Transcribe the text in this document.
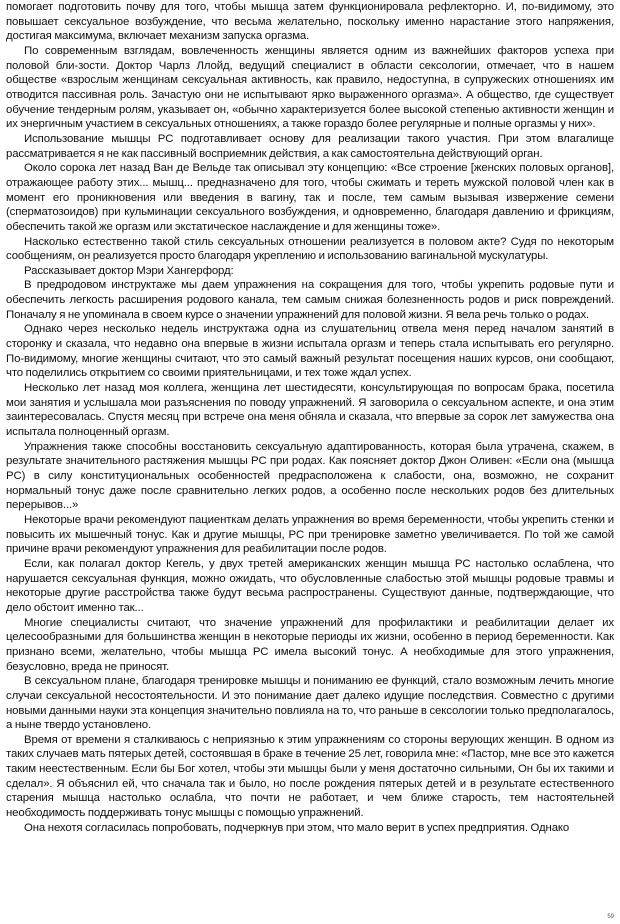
помогает подготовить почву для того, чтобы мышца затем функционировала рефлекторно. И, по-видимому, это повышает сексуальное возбуждение, что весьма желательно, поскольку именно нарастание этого напряжения, достигая максимума, включает механизм запуска оргазма.

По современным взглядам, вовлеченность женщины является одним из важнейших факторов успеха при половой бли-зости. Доктор Чарлз Ллойд, ведущий специалист в области сексологии, отмечает, что в нашем обществе «взрослым женщинам сексуальная активность, как правило, недоступна, в супружеских отношениях им отводится пассивная роль. Зачастую они не испытывают ярко выраженного оргазма». А общество, где существует обучение тендерным ролям, указывает он, «обычно характеризуется более высокой степенью активности женщин и их энергичным участием в сексуальных отношениях, а также гораздо более регулярные и полные оргазмы у них».

Использование мышцы PC подготавливает основу для реализации такого участия. При этом влагалище рассматривается я не как пассивный восприемник действия, а как самостоятельна действующий орган.

Около сорока лет назад Ван де Вельде так описывал эту концепцию: «Все строение [женских половых органов], отражающее работу этих... мышц... предназначено для того, чтобы сжимать и тереть мужской половой член как в момент его проникновения или введения в вагину, так и после, тем самым вызывая извержение семени (сперматозоидов) при кульминации сексуального возбуждения, и одновременно, благодаря давлению и фрикциям, обеспечить такой же оргазм или экстатическое наслаждение и для женщины тоже».

Насколько естественно такой стиль сексуальных отношении реализуется в половом акте? Судя по некоторым сообщениям, он реализуется просто благодаря укреплению и использованию вагинальной мускулатуры.

Рассказывает доктор Мэри Хангерфорд:

В предродовом инструктаже мы даем упражнения на сокращения для того, чтобы укрепить родовые пути и обеспечить легкость расширения родового канала, тем самым снижая болезненность родов и риск повреждений. Поначалу я не упоминала в своем курсе о значении упражнений для половой жизни. Я вела речь только о родах.

Однако через несколько недель инструктажа одна из слушательниц отвела меня перед началом занятий в сторонку и сказала, что недавно она впервые в жизни испытала оргазм и теперь стала испытывать его регулярно. По-видимому, многие женщины считают, что это самый важный результат посещения наших курсов, они сообщают, что поделились открытием со своими приятельницами, и тех тоже ждал успех.

Несколько лет назад моя коллега, женщина лет шестидесяти, консультирующая по вопросам брака, посетила мои занятия и услышала мои разъяснения по поводу упражнений. Я заговорила о сексуальном аспекте, и она этим заинтересовалась. Спустя месяц при встрече она меня обняла и сказала, что впервые за сорок лет замужества она испытала полноценный оргазм.

Упражнения также способны восстановить сексуальную адаптированность, которая была утрачена, скажем, в результате значительного растяжения мышцы PC при родах. Как поясняет доктор Джон Оливен: «Если она (мышца PC) в силу конституциональных особенностей предрасположена к слабости, она, возможно, не сохранит нормальный тонус даже после сравнительно легких родов, а особенно после нескольких родов без длительных перерывов...»

Некоторые врачи рекомендуют пациенткам делать упражнения во время беременности, чтобы укрепить стенки и повысить их мышечный тонус. Как и другие мышцы, PC при тренировке заметно увеличивается. По той же самой причине врачи рекомендуют упражнения для реабилитации после родов.

Если, как полагал доктор Кегель, у двух третей американских женщин мышца PC настолько ослаблена, что нарушается сексуальная функция, можно ожидать, что обусловленные слабостью этой мышцы родовые травмы и некоторые другие расстройства также будут весьма распространены. Существуют данные, подтверждающие, что дело обстоит именно так...

Многие специалисты считают, что значение упражнений для профилактики и реабилитации делает их целесообразными для большинства женщин в некоторые периоды их жизни, особенно в период беременности. Как признано всеми, желательно, чтобы мышца PC имела высокий тонус. А необходимые для этого упражнения, безусловно, вреда не приносят.

В сексуальном плане, благодаря тренировке мышцы и пониманию ее функций, стало возможным лечить многие случаи сексуальной несостоятельности. И это понимание дает далеко идущие последствия. Совместно с другими новыми данными науки эта концепция значительно повлияла на то, что раньше в сексологии только предполагалось, а ныне твердо установлено.

Время от времени я сталкиваюсь с неприязнью к этим упражнениям со стороны верующих женщин. В одном из таких случаев мать пятерых детей, состоявшая в браке в течение 25 лет, говорила мне: «Пастор, мне все это кажется таким неестественным. Если бы Бог хотел, чтобы эти мышцы были у меня достаточно сильными, Он бы их такими и сделал». Я объяснил ей, что сначала так и было, но после рождения пятерых детей и в результате естественного старения мышца настолько ослабла, что почти не работает, и чем ближе старость, тем настоятельней необходимость поддерживать тонус мышцы с помощью упражнений.

Она нехотя согласилась попробовать, подчеркнув при этом, что мало верит в успех предприятия. Однако

59
